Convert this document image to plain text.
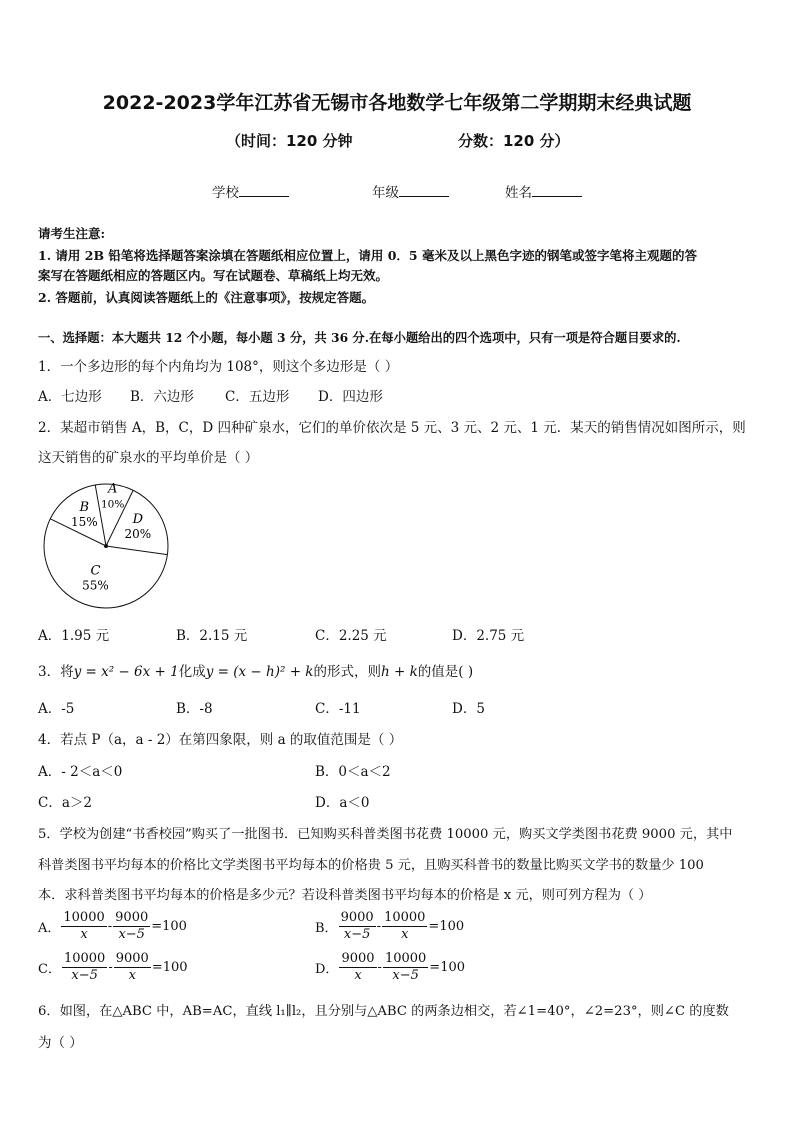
2022-2023学年江苏省无锡市各地数学七年级第二学期期末经典试题
（时间：120 分钟	分数：120 分）
学校	年级	姓名
请考生注意:
1. 请用 2B 铅笔将选择题答案涂填在答题纸相应位置上，请用 0．5 毫米及以上黑色字迹的钢笔或签字笔将主观题的答
案写在答题纸相应的答题区内。写在试题卷、草稿纸上均无效。
2. 答题前，认真阅读答题纸上的《注意事项》，按规定答题。
一、选择题：本大题共 12 个小题，每小题 3 分，共 36 分.在每小题给出的四个选项中，只有一项是符合题目要求的.
1．一个多边形的每个内角均为 108°，则这个多边形是（ ）
A．七边形 B．六边形 C．五边形 D．四边形
2．某超市销售 A，B，C，D 四种矿泉水，它们的单价依次是 5 元、3 元、2 元、1 元．某天的销售情况如图所示，则
这天销售的矿泉水的平均单价是（ ）
A
10%
D
20%
C
55%
B
15%
A．1.95 元	B．2.15 元	C．2.25 元	D．2.75 元
3．将y = x² − 6x + 1化成y = (x − h)² + k的形式，则h + k的值是( )
A．-5	B．-8	C．-11	D．5
4．若点 P（a，a - 2）在第四象限，则 a 的取值范围是（ ）
A．- 2＜a＜0	B．0＜a＜2
C．a＞2	D．a＜0
5．学校为创建“书香校园”购买了一批图书．已知购买科普类图书花费 10000 元，购买文学类图书花费 9000 元，其中
科普类图书平均每本的价格比文学类图书平均每本的价格贵 5 元，且购买科普书的数量比购买文学书的数量少 100
本．求科普类图书平均每本的价格是多少元？若设科普类图书平均每本的价格是 x 元，则可列方程为（ ）
A． $\frac{10000}{x} - \frac{9000}{x-5} =100$	B． $\frac{9000}{x-5} - \frac{10000}{x} =100$
C． $\frac{10000}{x-5} - \frac{9000}{x} =100$	D． $\frac{9000}{x} - \frac{10000}{x-5} =100$
6．如图，在△ABC 中，AB=AC，直线 l₁∥l₂，且分别与△ABC 的两条边相交，若∠1=40°，∠2=23°，则∠C 的度数
为（ ）
